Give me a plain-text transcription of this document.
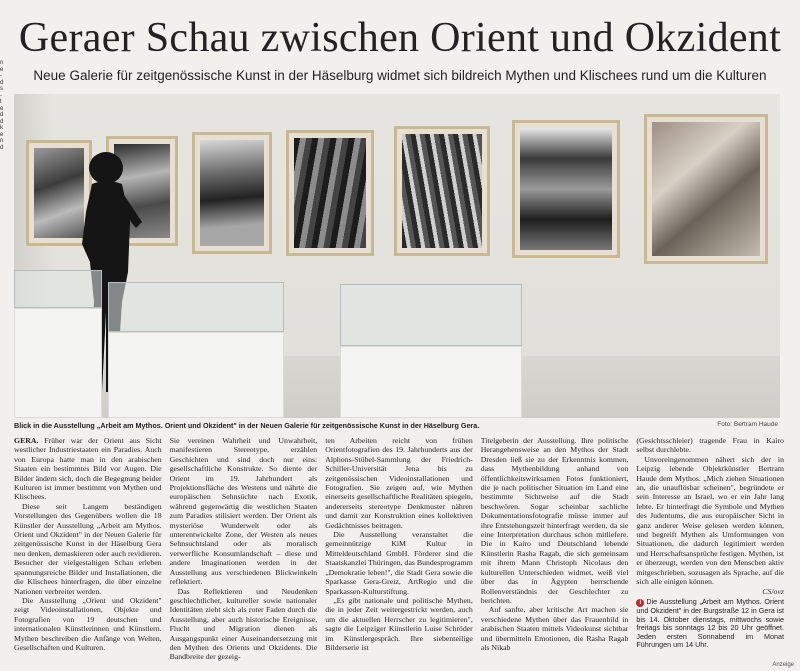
n
e
-
d
s
-
t
e
d
d
k
e
n
d
Geraer Schau zwischen Orient und Okzident
Neue Galerie für zeitgenössische Kunst in der Häselburg widmet sich bildreich Mythen und Klischees rund um die Kulturen
Blick in die Ausstellung „Arbeit am Mythos. Orient und Okzident" in der Neuen Galerie für zeitgenössische Kunst in der Häselburg Gera.	Foto: Bertram Haude

GERA. Früher war der Orient aus Sicht westlicher Industriestaaten ein Paradies. Auch von Europa hatte man in den arabischen Staaten ein bestimmtes Bild vor Augen. Die Bilder ändern sich, doch die Begegnung beider Kulturen ist immer bestimmt von Mythen und Klischees.

Diese seit Langem beständigen Vorstellungen des Gegenübers wollen die 18 Künstler der Ausstellung „Arbeit am Mythos. Orient und Okzident" in der Neuen Galerie für zeitgenössische Kunst in der Häselburg Gera neu denken, demaskieren oder auch revidieren. Besucher der vielgestaltigen Schau erleben spannungsreiche Bilder und Installationen, die die Klischees hinterfragen, die über einzelne Nationen verbreitet werden.

Die Ausstellung „Orient und Okzident" zeigt Videoinstallationen, Objekte und Fotografien von 19 deutschen und internationalen Künstlerinnen und Künstlern. Mythen beschreiben die Anfänge von Welten, Gesellschaften und Kulturen.

Sie vereinen Wahrheit und Unwahrheit, manifestieren Stereotype, erzählen Geschichten und sind doch nur eins: gesellschaftliche Konstrukte. So diente der Orient im 19. Jahrhundert als Projektionsfläche des Westens und nährte die europäischen Sehnsüchte nach Exotik, während gegenwärtig die westlichen Staaten zum Paradies stilisiert werden. Der Orient als mysteriöse Wunderwelt oder als unterentwickelte Zone, der Westen als neues Sehnsuchtsland oder als moralisch verwerfliche Konsumlandschaft – diese und andere Imaginationen werden in der Ausstellung aus verschiedenen Blickwinkeln reflektiert.

Das Reflektieren und Neudenken geschlechtlicher, kultureller sowie nationaler Identitäten zieht sich als roter Faden durch die Ausstellung, aber auch historische Ereignisse, Flucht und Migration dienen als Ausgangspunkt einer Auseinandersetzung mit den Mythen des Orients und Okzidents. Die Bandbreite der gezeig-

ten Arbeiten reicht von frühen Orientfotografien des 19. Jahrhunderts aus der Alphons-Stübel-Sammlung der Friedrich-Schiller-Universität Jena bis zu zeitgenössischen Videoinstallationen und Fotografien. Sie zeigen auf, wie Mythen einerseits gesellschaftliche Realitäten spiegeln, andererseits stereotype Denkmuster nähren und damit zur Konstruktion eines kollektiven Gedächtnisses beitragen.

Die Ausstellung veranstaltet die gemeinnützige KiM Kultur in Mitteldeutschland GmbH. Förderer sind die Staatskanzlei Thüringen, das Bundesprogramm „Demokratie leben!", die Stadt Gera sowie die Sparkasse Gera-Greiz, ArtRegio und die Sparkassen-Kulturstiftung.

„Es gibt nationale und politische Mythen, die in jeder Zeit weitergestrickt werden, auch um die aktuellen Herrscher zu legitimieren", sagte die Leipziger Künstlerin Luise Schröder im Künstlergespräch. Ihre siebenteilige Bilderserie ist

Titelgeberin der Ausstellung. Ihre politische Herangehensweise an den Mythos der Stadt Dresden ließ sie zu der Erkenntnis kommen, dass Mythenbildung anhand von öffentlichkeitswirksamen Fotos funktioniert, die je nach politischer Situation im Land eine bestimmte Sichtweise auf die Stadt beschwören. Sogar scheinbar sachliche Dokumentationsfotografie müsse immer auf ihre Entstehungszeit hinterfragt werden, da sie eine Interpretation durchaus schon mitliefere. Die in Kairo und Deutschland lebende Künstlerin Rasha Ragab, die sich gemeinsam mit ihrem Mann Christoph Nicolaus den kulturellen Unterschieden widmet, weiß viel über das in Ägypten herrschende Rollenverständnis der Geschlechter zu berichten.

Auf sanfte, aber kritische Art machen sie verschiedene Mythen über das Frauenbild in arabischen Staaten mittels Videokunst sichtbar und übermitteln Emotionen, die Rasha Ragab als Nikab

(Gesichtsschleier) tragende Frau in Kairo selbst durchlebte.

Unvoreingenommen nähert sich der in Leipzig lebende Objektkünstler Bertram Haude dem Mythos. „Mich ziehen Situationen an, die unauflösbar scheinen", begründete er sein Interesse an Israel, wo er ein Jahr lang lebte. Er hinterfragt die Symbole und Mythen des Judentums, die aus europäischer Sicht in ganz anderer Weise gelesen werden können, und begreift Mythen als Umformungen von Situationen, die dadurch legitimiert werden und Herrschaftsansprüche festigen. Mythen, ist er überzeugt, werden von den Menschen aktiv mitgeschrieben, sozusagen als Sprache, auf die sich alle einigen können.

CS/ovz
i Die Ausstellung „Arbeit am Mythos. Orient und Okzident" in der Burgstraße 12 in Gera ist bis 14. Oktober dienstags, mittwochs sowie freitags bis sonntags 12 bis 20 Uhr geöffnet. Jeden ersten Sonnabend im Monat Führungen um 14 Uhr.
Anzeige
